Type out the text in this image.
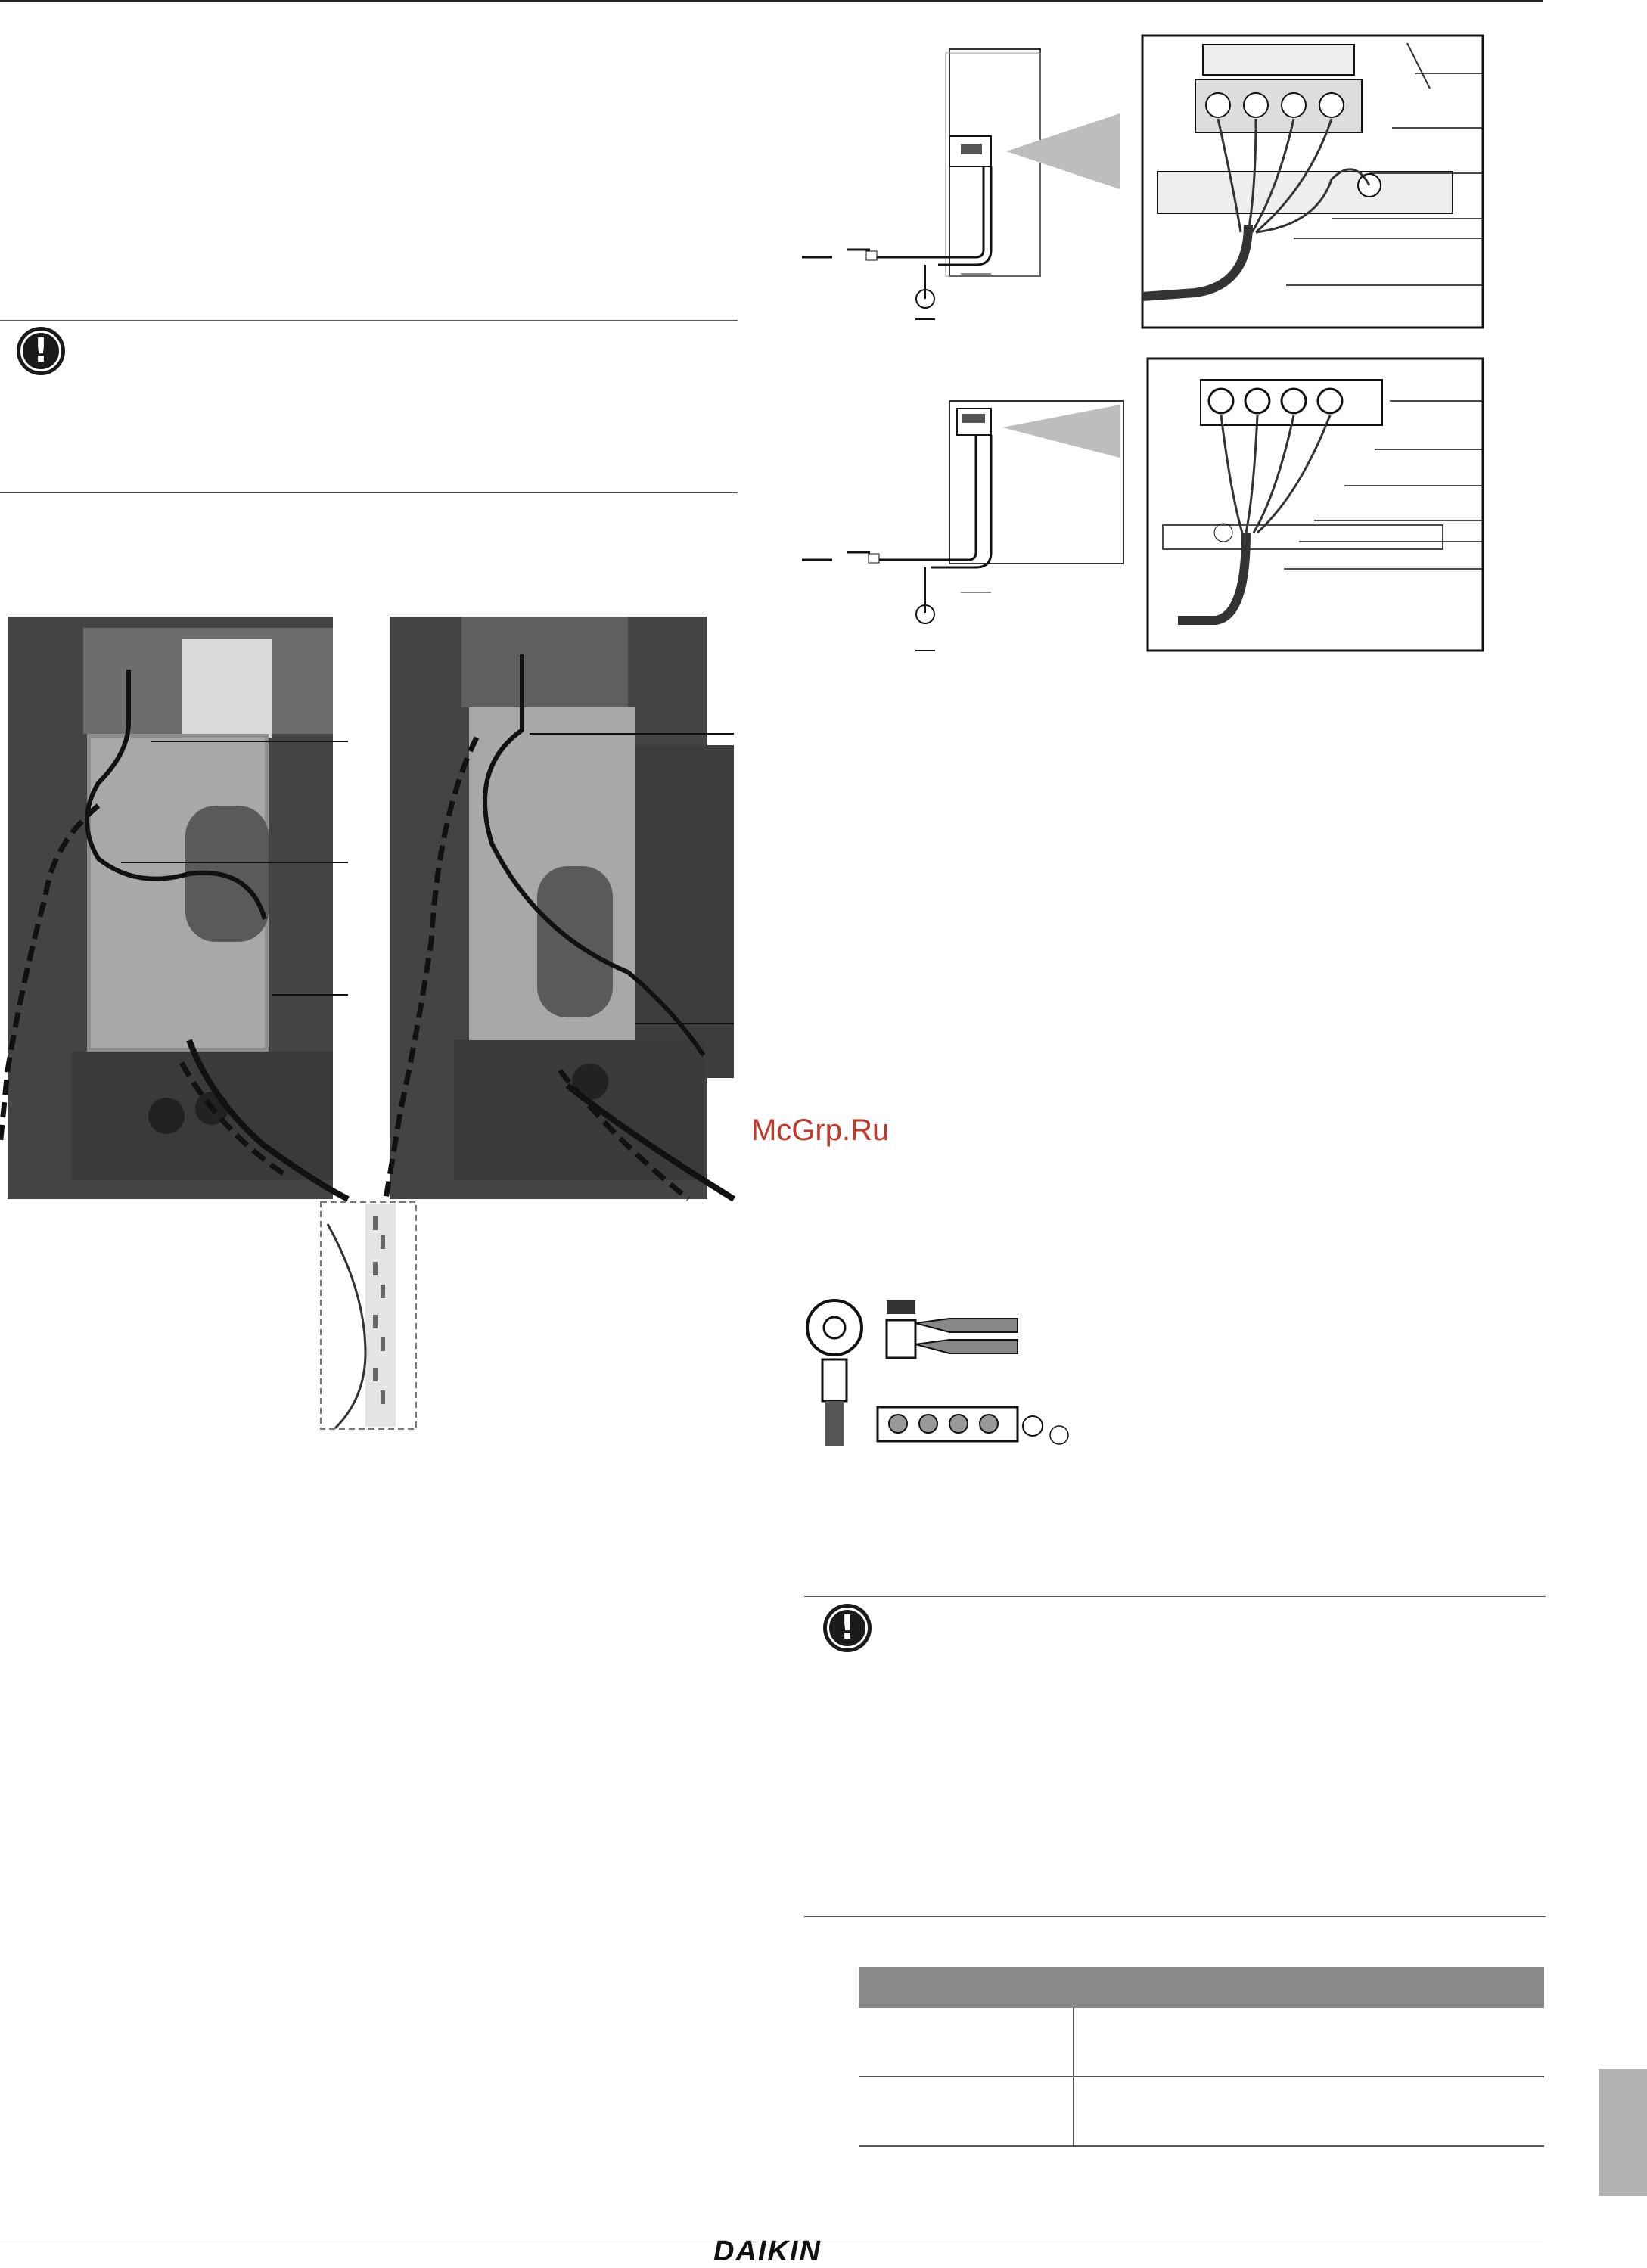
!
McGrp.Ru
!

DAIKIN
